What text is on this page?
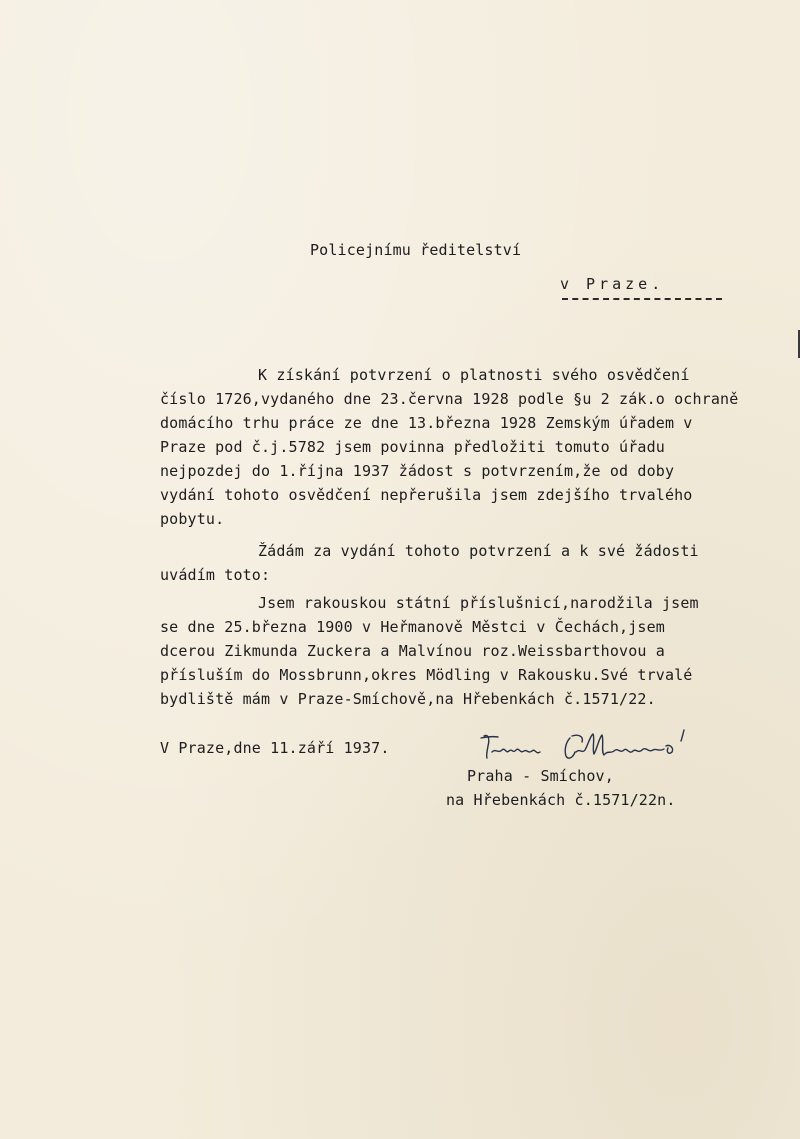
Policejnímu ředitelství
v Praze.
K získání potvrzení o platnosti svého osvědčení
číslo 1726,vydaného dne 23.června 1928 podle §u 2 zák.o ochraně
domácího trhu práce ze dne 13.března 1928 Zemským úřadem v
Praze pod č.j.5782 jsem povinna předložiti tomuto úřadu
nejpozdej do 1.října 1937 žádost s potvrzením,že od doby
vydání tohoto osvědčení nepřerušila jsem zdejšího trvalého
pobytu.
Žádám za vydání tohoto potvrzení a k své žádosti
uvádím toto:
Jsem rakouskou státní příslušnicí,narodžila jsem
se dne 25.března 1900 v Heřmanově Městci v Čechách,jsem
dcerou Zikmunda Zuckera a Malvínou roz.Weissbarthovou a
přísluším do Mossbrunn,okres Mödling v Rakousku.Své trvalé
bydliště mám v Praze-Smíchově,na Hřebenkách č.1571/22.
V Praze,dne 11.září 1937.
Praha - Smíchov,
na Hřebenkách č.1571/22n.
